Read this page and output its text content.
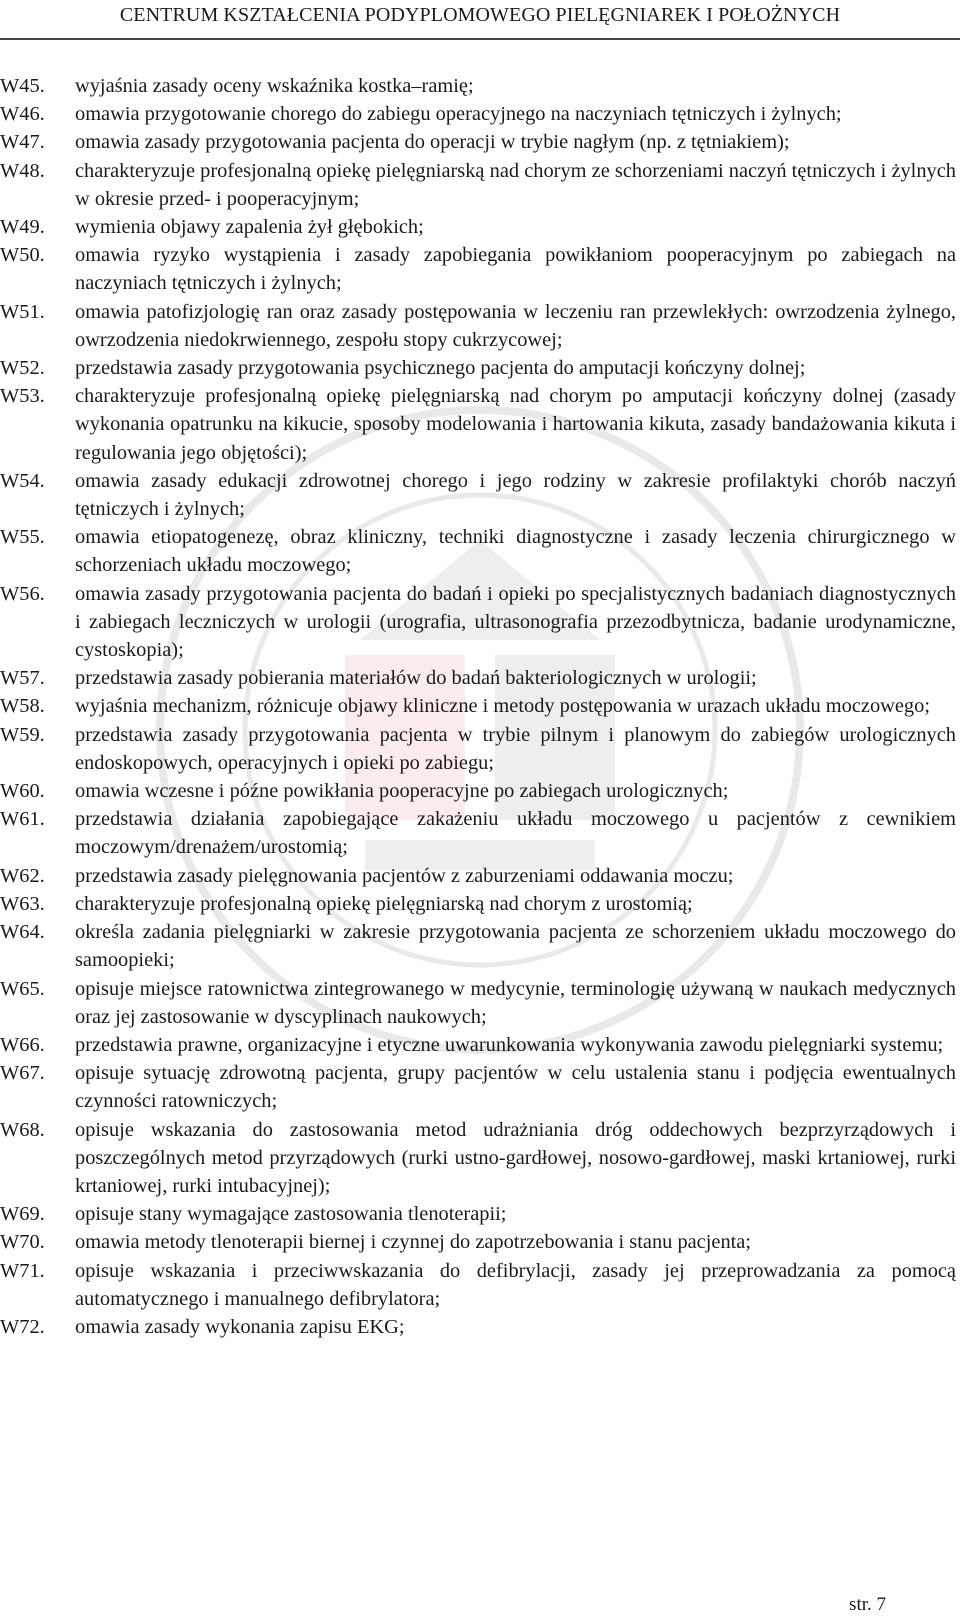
CENTRUM KSZTAŁCENIA PODYPLOMOWEGO PIELĘGNIAREK I POŁOŻNYCH
W45.	wyjaśnia zasady oceny wskaźnika kostka–ramię;
W46.	omawia przygotowanie chorego do zabiegu operacyjnego na naczyniach tętniczych i żylnych;
W47.	omawia zasady przygotowania pacjenta do operacji w trybie nagłym (np. z tętniakiem);
W48.	charakteryzuje profesjonalną opiekę pielęgniarską nad chorym ze schorzeniami naczyń tętniczych i żylnych w okresie przed- i pooperacyjnym;
W49.	wymienia objawy zapalenia żył głębokich;
W50.	omawia ryzyko wystąpienia i zasady zapobiegania powikłaniom pooperacyjnym po zabiegach na naczyniach tętniczych i żylnych;
W51.	omawia patofizjologię ran oraz zasady postępowania w leczeniu ran przewlekłych: owrzodzenia żylnego, owrzodzenia niedokrwiennego, zespołu stopy cukrzycowej;
W52.	przedstawia zasady przygotowania psychicznego pacjenta do amputacji kończyny dolnej;
W53.	charakteryzuje profesjonalną opiekę pielęgniarską nad chorym po amputacji kończyny dolnej (zasady wykonania opatrunku na kikucie, sposoby modelowania i hartowania kikuta, zasady bandażowania kikuta i regulowania jego objętości);
W54.	omawia zasady edukacji zdrowotnej chorego i jego rodziny w zakresie profilaktyki chorób naczyń tętniczych i żylnych;
W55.	omawia etiopatogenezę, obraz kliniczny, techniki diagnostyczne i zasady leczenia chirurgicznego w schorzeniach układu moczowego;
W56.	omawia zasady przygotowania pacjenta do badań i opieki po specjalistycznych badaniach diagnostycznych i zabiegach leczniczych w urologii (urografia, ultrasonografia przezodbytnicza, badanie urodynamiczne, cystoskopia);
W57.	przedstawia zasady pobierania materiałów do badań bakteriologicznych w urologii;
W58.	wyjaśnia mechanizm, różnicuje objawy kliniczne i metody postępowania w urazach układu moczowego;
W59.	przedstawia zasady przygotowania pacjenta w trybie pilnym i planowym do zabiegów urologicznych endoskopowych, operacyjnych i opieki po zabiegu;
W60.	omawia wczesne i późne powikłania pooperacyjne po zabiegach urologicznych;
W61.	przedstawia działania zapobiegające zakażeniu układu moczowego u pacjentów z cewnikiem moczowym/drenażem/urostomią;
W62.	przedstawia zasady pielęgnowania pacjentów z zaburzeniami oddawania moczu;
W63.	charakteryzuje profesjonalną opiekę pielęgniarską nad chorym z urostomią;
W64.	określa zadania pielęgniarki w zakresie przygotowania pacjenta ze schorzeniem układu moczowego do samoopieki;
W65.	opisuje miejsce ratownictwa zintegrowanego w medycynie, terminologię używaną w naukach medycznych oraz jej zastosowanie w dyscyplinach naukowych;
W66.	przedstawia prawne, organizacyjne i etyczne uwarunkowania wykonywania zawodu pielęgniarki systemu;
W67.	opisuje sytuację zdrowotną pacjenta, grupy pacjentów w celu ustalenia stanu i podjęcia ewentualnych czynności ratowniczych;
W68.	opisuje wskazania do zastosowania metod udrażniania dróg oddechowych bezprzyrządowych i poszczególnych metod przyrządowych (rurki ustno-gardłowej, nosowo-gardłowej, maski krtaniowej, rurki krtaniowej, rurki intubacyjnej);
W69.	opisuje stany wymagające zastosowania tlenoterapii;
W70.	omawia metody tlenoterapii biernej i czynnej do zapotrzebowania i stanu pacjenta;
W71.	opisuje wskazania i przeciwwskazania do defibrylacji, zasady jej przeprowadzania za pomocą automatycznego i manualnego defibrylatora;
W72.	omawia zasady wykonania zapisu EKG;
str. 7
